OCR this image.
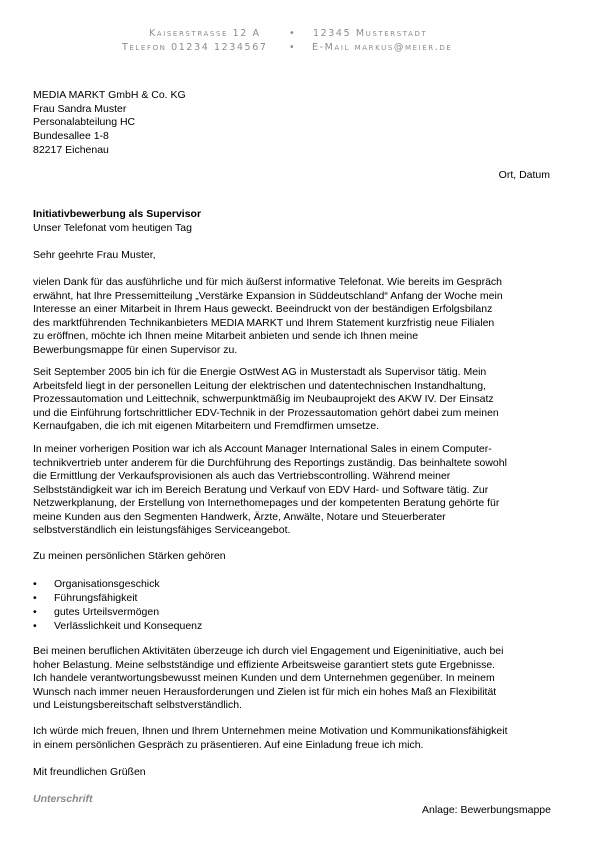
Kaiserstrasse 12 A	• 12345 Musterstadt
Telefon 01234 1234567 • E-Mail markus@meier.de
MEDIA MARKT GmbH & Co. KG
Frau Sandra Muster
Personalabteilung HC
Bundesallee 1-8
82217 Eichenau
Ort, Datum
Initiativbewerbung als Supervisor
Unser Telefonat vom heutigen Tag
Sehr geehrte Frau Muster,
vielen Dank für das ausführliche und für mich äußerst informative Telefonat. Wie bereits im Gespräch
erwähnt, hat Ihre Pressemitteilung „Verstärke Expansion in Süddeutschland“ Anfang der Woche mein
Interesse an einer Mitarbeit in Ihrem Haus geweckt. Beeindruckt von der beständigen Erfolgsbilanz
des marktführenden Technikanbieters MEDIA MARKT und Ihrem Statement kurzfristig neue Filialen
zu eröffnen, möchte ich Ihnen meine Mitarbeit anbieten und sende ich Ihnen meine
Bewerbungsmappe für einen Supervisor zu.
Seit September 2005 bin ich für die Energie OstWest AG in Musterstadt als Supervisor tätig. Mein
Arbeitsfeld liegt in der personellen Leitung der elektrischen und datentechnischen Instandhaltung,
Prozessautomation und Leittechnik, schwerpunktmäßig im Neubauprojekt des AKW IV. Der Einsatz
und die Einführung fortschrittlicher EDV-Technik in der Prozessautomation gehört dabei zum meinen
Kernaufgaben, die ich mit eigenen Mitarbeitern und Fremdfirmen umsetze.
In meiner vorherigen Position war ich als Account Manager International Sales in einem Computer-
technikvertrieb unter anderem für die Durchführung des Reportings zuständig. Das beinhaltete sowohl
die Ermittlung der Verkaufsprovisionen als auch das Vertriebscontrolling. Während meiner
Selbstständigkeit war ich im Bereich Beratung und Verkauf von EDV Hard- und Software tätig. Zur
Netzwerkplanung, der Erstellung von Internethomepages und der kompetenten Beratung gehörte für
meine Kunden aus den Segmenten Handwerk, Ärzte, Anwälte, Notare und Steuerberater
selbstverständlich ein leistungsfähiges Serviceangebot.
Zu meinen persönlichen Stärken gehören
• Organisationsgeschick
• Führungsfähigkeit
• gutes Urteilsvermögen
• Verlässlichkeit und Konsequenz
Bei meinen beruflichen Aktivitäten überzeuge ich durch viel Engagement und Eigeninitiative, auch bei
hoher Belastung. Meine selbstständige und effiziente Arbeitsweise garantiert stets gute Ergebnisse.
Ich handele verantwortungsbewusst meinen Kunden und dem Unternehmen gegenüber. In meinem
Wunsch nach immer neuen Herausforderungen und Zielen ist für mich ein hohes Maß an Flexibilität
und Leistungsbereitschaft selbstverständlich.
Ich würde mich freuen, Ihnen und Ihrem Unternehmen meine Motivation und Kommunikationsfähigkeit
in einem persönlichen Gespräch zu präsentieren. Auf eine Einladung freue ich mich.
Mit freundlichen Grüßen
Unterschrift
Anlage: Bewerbungsmappe
